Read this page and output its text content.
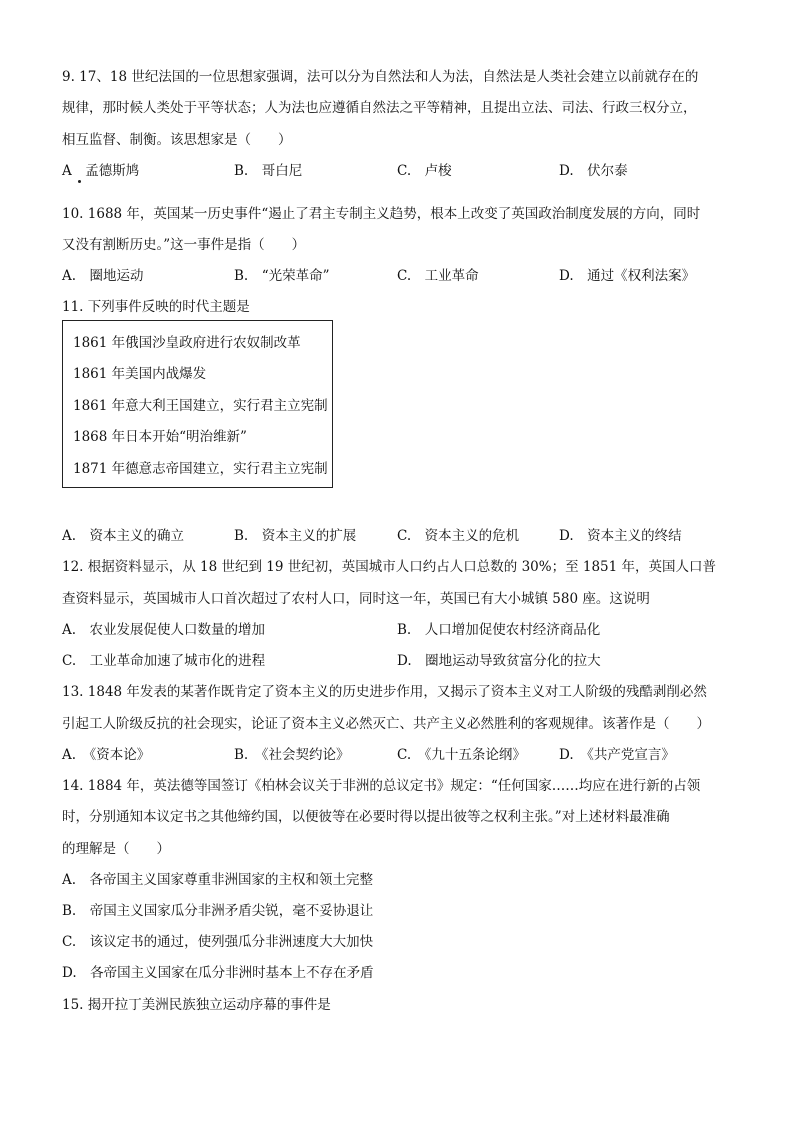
9. 17、18 世纪法国的一位思想家强调，法可以分为自然法和人为法，自然法是人类社会建立以前就存在的
规律，那时候人类处于平等状态；人为法也应遵循自然法之平等精神，且提出立法、司法、行政三权分立，
相互监督、制衡。该思想家是（　　）
A　孟德斯鸠	B.　哥白尼	C.　卢梭	D.　伏尔泰
10. 1688 年，英国某一历史事件“遏止了君主专制主义趋势，根本上改变了英国政治制度发展的方向，同时
又没有割断历史。”这一事件是指（　　）
A.　圈地运动	B.　“光荣革命”	C.　工业革命	D.　通过《权利法案》
11. 下列事件反映的时代主题是
1861 年俄国沙皇政府进行农奴制改革
1861 年美国内战爆发
1861 年意大利王国建立，实行君主立宪制
1868 年日本开始“明治维新”
1871 年德意志帝国建立，实行君主立宪制
A.　资本主义的确立	B.　资本主义的扩展	C.　资本主义的危机	D.　资本主义的终结
12. 根据资料显示，从 18 世纪到 19 世纪初，英国城市人口约占人口总数的 30%；至 1851 年，英国人口普
查资料显示，英国城市人口首次超过了农村人口，同时这一年，英国已有大小城镇 580 座。这说明
A.　农业发展促使人口数量的增加	B.　人口增加促使农村经济商品化
C.　工业革命加速了城市化的进程	D.　圈地运动导致贫富分化的拉大
13. 1848 年发表的某著作既肯定了资本主义的历史进步作用，又揭示了资本主义对工人阶级的残酷剥削必然
引起工人阶级反抗的社会现实，论证了资本主义必然灭亡、共产主义必然胜利的客观规律。该著作是（　　）
A.　《资本论》	B.　《社会契约论》	C.　《九十五条论纲》 D.　《共产党宣言》
14. 1884 年，英法德等国签订《柏林会议关于非洲的总议定书》规定：“任何国家……均应在进行新的占领
时，分别通知本议定书之其他缔约国，以便彼等在必要时得以提出彼等之权利主张。”对上述材料最准确
的理解是（　　）
A.　各帝国主义国家尊重非洲国家的主权和领土完整
B.　帝国主义国家瓜分非洲矛盾尖锐，毫不妥协退让
C.　该议定书的通过，使列强瓜分非洲速度大大加快
D.　各帝国主义国家在瓜分非洲时基本上不存在矛盾
15. 揭开拉丁美洲民族独立运动序幕的事件是
